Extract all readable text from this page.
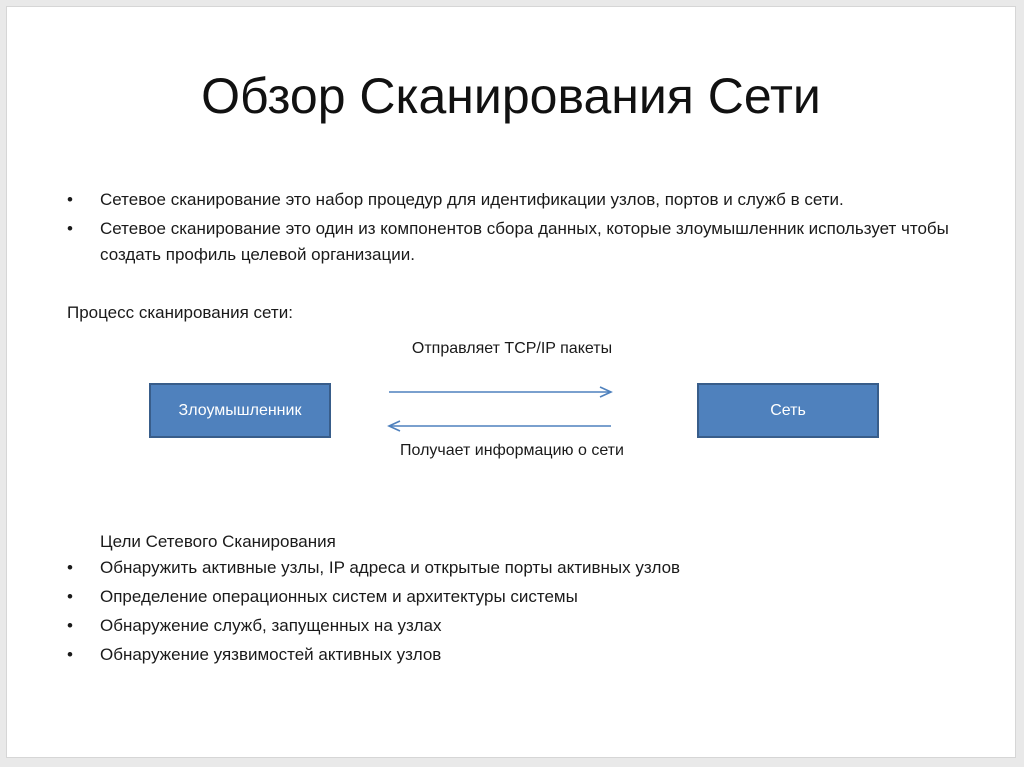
Обзор Сканирования Сети
• Сетевое сканирование это набор процедур для идентификации узлов, портов и служб в сети.
• Сетевое сканирование это один из компонентов сбора данных, которые злоумышленник использует чтобы создать профиль целевой организации.
Процесс сканирования сети:
Злоумышленник	Сеть
Отправляет TCP/IP пакеты
Получает информацию о сети
Цели Сетевого Сканирования
• Обнаружить активные узлы, IP адреса и открытые порты активных узлов
• Определение операционных систем и архитектуры системы
• Обнаружение служб, запущенных на узлах
• Обнаружение уязвимостей активных узлов
